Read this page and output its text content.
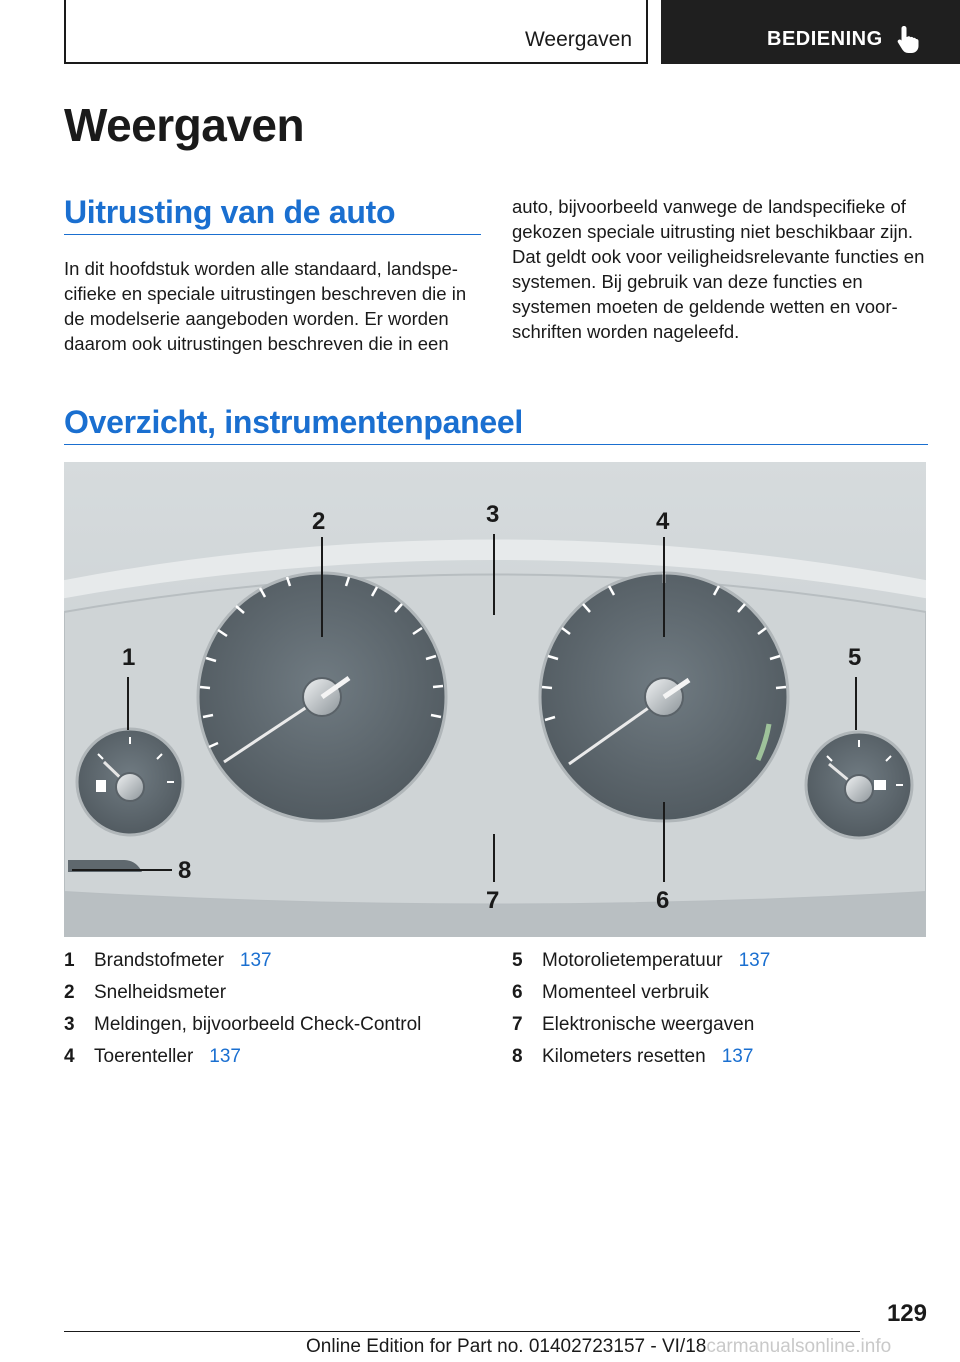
Weergaven	BEDIENING
Weergaven
Uitrusting van de auto

In dit hoofdstuk worden alle standaard, landspe-cifieke en speciale uitrustingen beschreven die in de modelserie aangeboden worden. Er worden daarom ook uitrustingen beschreven die in een

auto, bijvoorbeeld vanwege de landspecifieke of gekozen speciale uitrusting niet beschikbaar zijn. Dat geldt ook voor veiligheidsrelevante functies en systemen. Bij gebruik van deze functies en systemen moeten de geldende wetten en voor-schriften worden nageleefd.

Overzicht, instrumentenpaneel
1
2	3	4
5
6
7
8
1	Brandstofmeter 137
2	Snelheidsmeter
3	Meldingen, bijvoorbeeld Check-Control
4	Toerenteller 137
5	Motorolietemperatuur 137
6	Momenteel verbruik
7	Elektronische weergaven
8	Kilometers resetten 137
129
Online Edition for Part no. 01402723157 - VI/18carmanualsonline.info
